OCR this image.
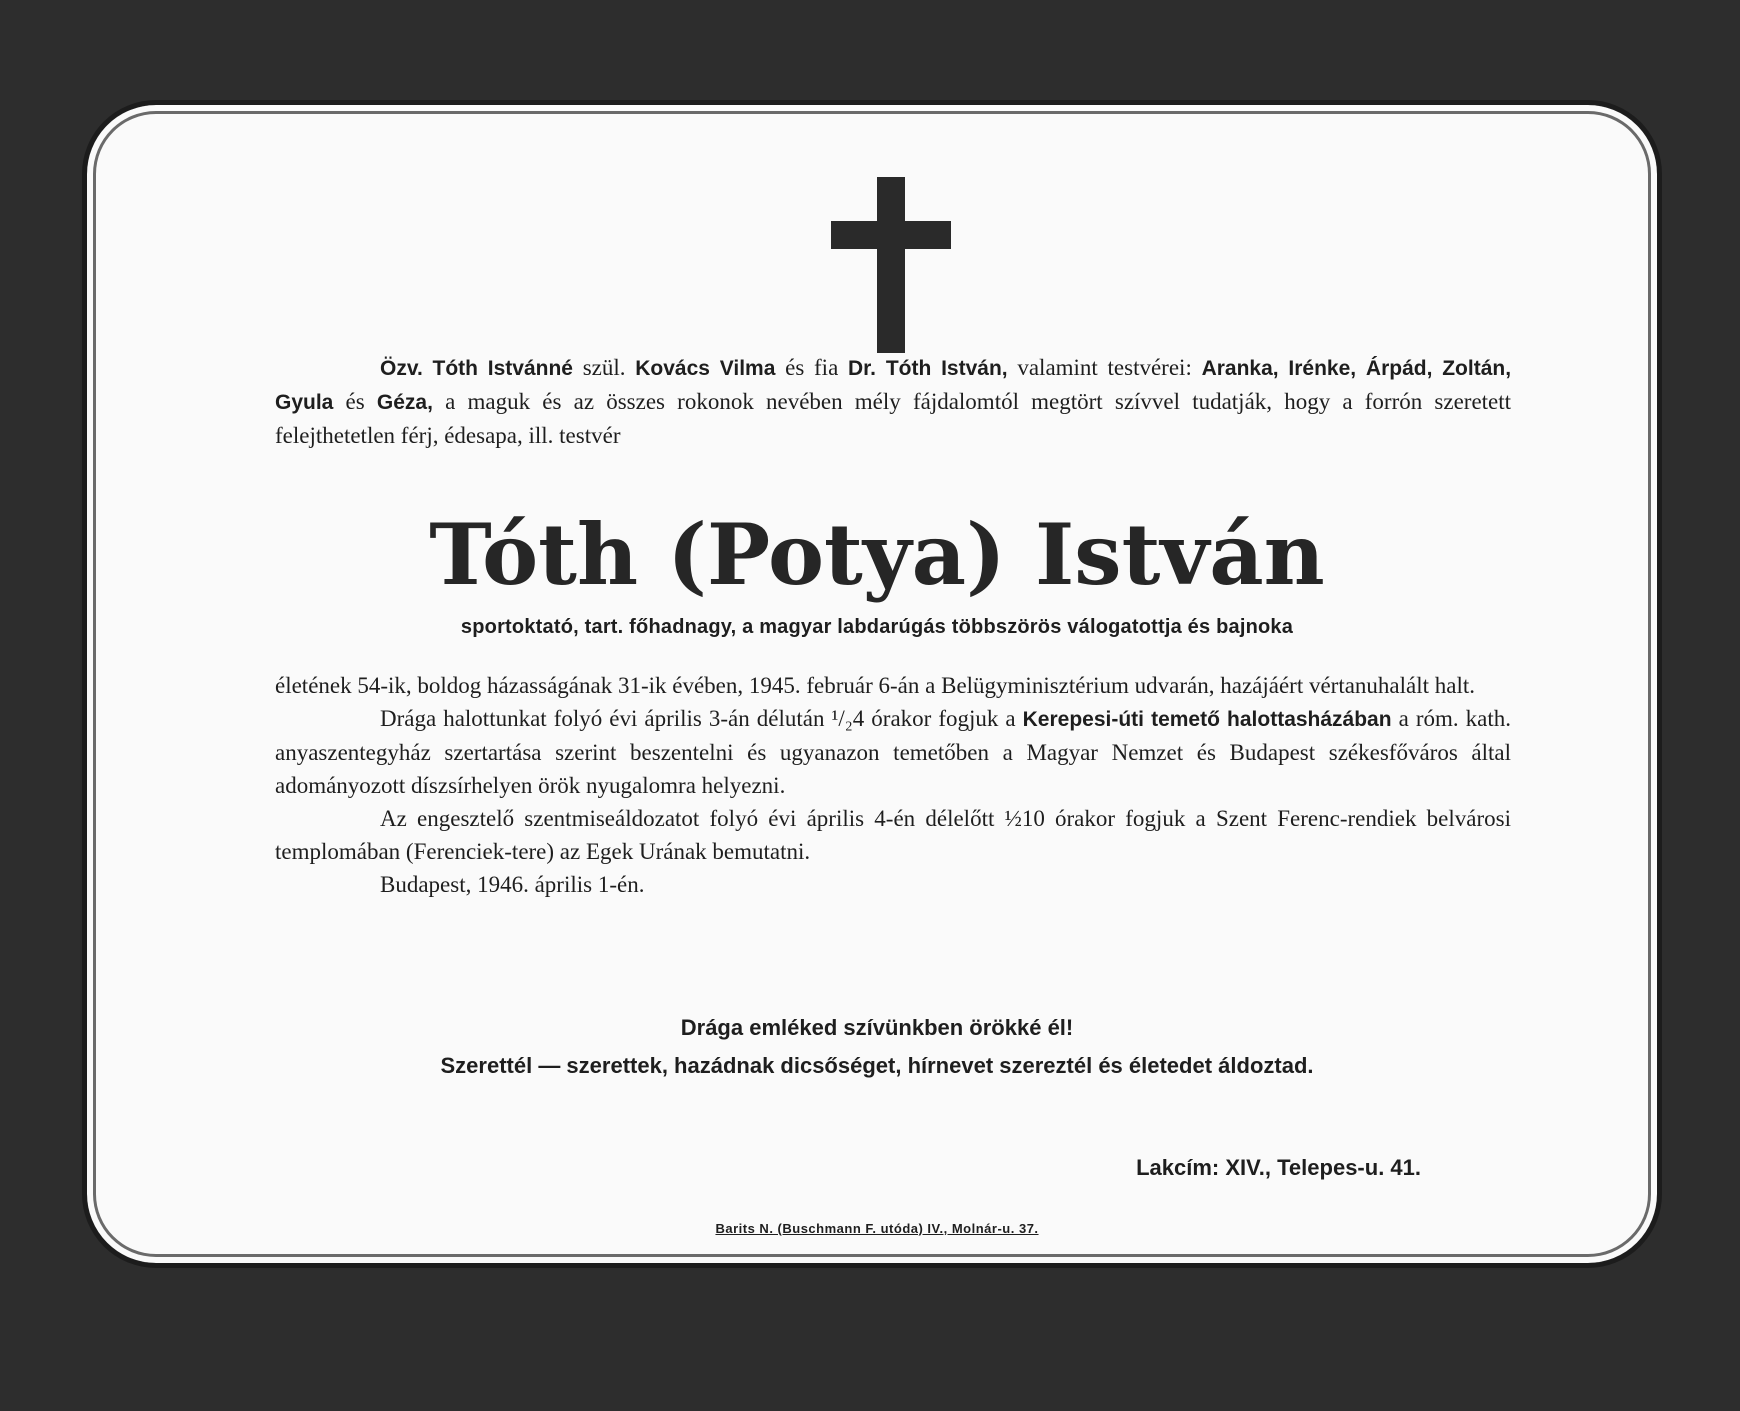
Özv. Tóth Istvánné szül. Kovács Vilma és fia Dr. Tóth István, valamint testvérei: Aranka, Irénke, Árpád, Zoltán, Gyula és Géza, a maguk és az összes rokonok nevében mély fájdalomtól megtört szívvel tudatják, hogy a forrón szeretett felejthetetlen férj, édesapa, ill. testvér
Tóth (Potya) István
sportoktató, tart. főhadnagy, a magyar labdarúgás többszörös válogatottja és bajnoka

életének 54-ik, boldog házasságának 31-ik évében, 1945. február 6-án a Belügyminisztérium udvarán, hazájáért vértanuhalált halt.

Drága halottunkat folyó évi április 3-án délután ¹/₂4 órakor fogjuk a Kerepesi-úti temető halottasházában a róm. kath. anyaszentegyház szertartása szerint beszentelni és ugyanazon temetőben a Magyar Nemzet és Budapest székesfőváros által adományozott díszsírhelyen örök nyugalomra helyezni.

Az engesztelő szentmiseáldozatot folyó évi április 4-én délelőtt ½10 órakor fogjuk a Szent Ferenc-rendiek belvárosi templomában (Ferenciek-tere) az Egek Urának bemutatni.

Budapest, 1946. április 1-én.

Drága emléked szívünkben örökké él!
Szerettél — szerettek, hazádnak dicsőséget, hírnevet szereztél és életedet áldoztad.
Lakcím: XIV., Telepes-u. 41.
Barits N. (Buschmann F. utóda) IV., Molnár-u. 37.
